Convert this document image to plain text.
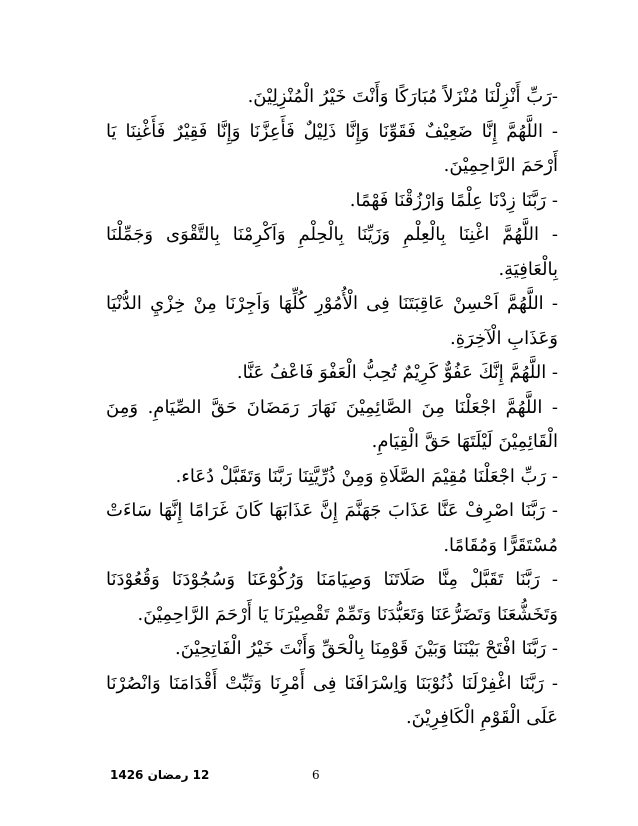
-رَبِّ أَنْزِلْنَا مُنْزَلاً مُبَارَكًا وَأَنْتَ خَيْرُ الْمُنْزِلِيْنَ.

- اللَّهُمَّ إِنَّا ضَعِيْفٌ فَقَوِّنَا وَإِنَّا ذَلِيْلٌ فَأَعِزَّنَا وَإِنَّا فَقِيْرٌ فَأَغْنِنَا يَا أَرْحَمَ الرَّاحِمِيْنَ.

- رَبَّنَا زِدْنَا عِلْمًا وَارْزُقْنَا فَهْمًا.

- اللَّهُمَّ اغْنِنَا بِالْعِلْمِ وَزَيِّنَا بِالْحِلْمِ وَاَكْرِمْنَا بِالتَّقْوَى وَجَمِّلْنَا بِالْعَافِيَةِ.

- اللَّهُمَّ اَحْسِنْ عَاقِبَتَنَا فِى الْأُمُوْرِ كُلِّهَا وَاَجِرْنَا مِنْ خِزْيِ الدُّنْيَا وَعَذَابِ الْآخِرَةِ.

- اللَّهُمَّ إِنَّكَ عَفُوٌّ كَرِيْمٌ تُحِبُّ الْعَفْوَ فَاعْفُ عَنَّا.

- اللَّهُمَّ اجْعَلْنَا مِنَ الصَّائِمِيْنَ نَهَارَ رَمَضَانَ حَقَّ الصِّيَامِ. وَمِنَ الْقَائِمِيْنَ لَيْلَتَهَا حَقَّ الْقِيَامِ.

- رَبِّ اجْعَلْنَا مُقِيْمَ الصَّلَاةِ وَمِنْ ذُرِّيَّتِنَا رَبَّنَا وَتَقَبَّلْ دُعَاء.

- رَبَّنَا اصْرِفْ عَنَّا عَذَابَ جَهَنَّمَ إِنَّ عَذَابَهَا كَانَ غَرَامًا إِنَّهَا سَاءَتْ مُسْتَقَرًّا وَمُقَامًا.

- رَبَّنَا تَقَبَّلْ مِنَّا صَلَاتَنَا وَصِيَامَنَا وَرُكُوْعَنَا وَسُجُوْدَنَا وَقُعُوْدَنَا وَتَخَشُّعَنَا وَتَضَرُّعَنَا وَتَعَبُّدَنَا وَتَمِّمْ تَقْصِيْرَنَا يَا أَرْحَمَ الرَّاحِمِيْنَ.

- رَبَّنَا افْتَحْ بَيْنَنَا وَبَيْنَ قَوْمِنَا بِالْحَقِّ وَأَنْتَ خَيْرُ الْفَاتِحِيْنَ.

- رَبَّنَا اغْفِرْلَنَا ذُنُوْبَنَا وَاِسْرَافَنَا فِى أَمْرِنَا وَثَبِّتْ أَقْدَامَنَا وَانْصُرْنَا عَلَى الْقَوْمِ الْكَافِرِيْنَ.

12 رمضان 1426	6
